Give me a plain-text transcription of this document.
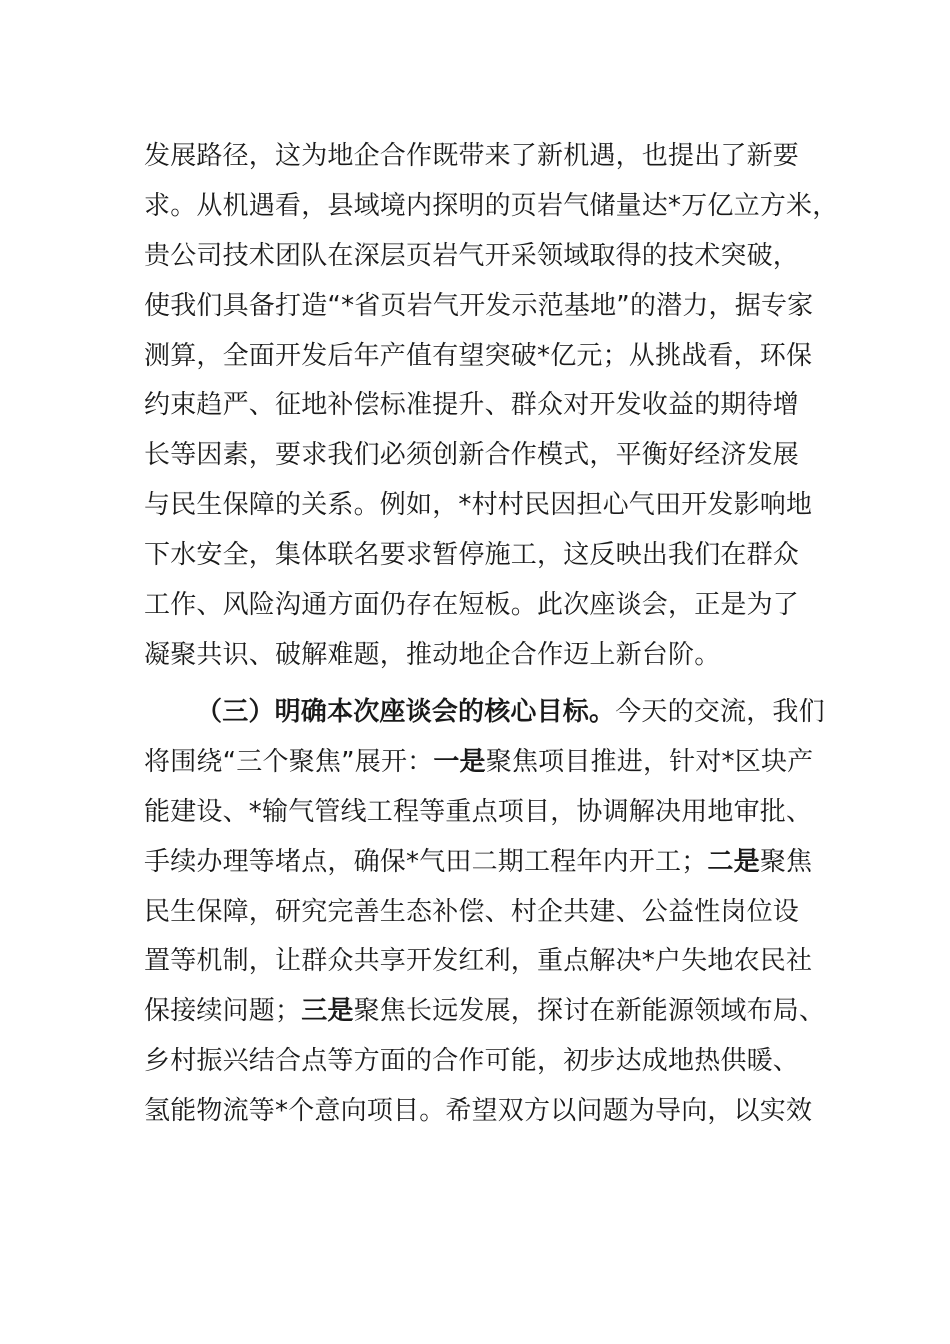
发展路径，这为地企合作既带来了新机遇，也提出了新要
求。从机遇看，县域境内探明的页岩气储量达*万亿立方米，
贵公司技术团队在深层页岩气开采领域取得的技术突破，
使我们具备打造“*省页岩气开发示范基地”的潜力，据专家
测算，全面开发后年产值有望突破*亿元；从挑战看，环保
约束趋严、征地补偿标准提升、群众对开发收益的期待增
长等因素，要求我们必须创新合作模式，平衡好经济发展
与民生保障的关系。例如，*村村民因担心气田开发影响地
下水安全，集体联名要求暂停施工，这反映出我们在群众
工作、风险沟通方面仍存在短板。此次座谈会，正是为了
凝聚共识、破解难题，推动地企合作迈上新台阶。
（三）明确本次座谈会的核心目标。今天的交流，我们
将围绕“三个聚焦”展开：一是聚焦项目推进，针对*区块产
能建设、*输气管线工程等重点项目，协调解决用地审批、
手续办理等堵点，确保*气田二期工程年内开工；二是聚焦
民生保障，研究完善生态补偿、村企共建、公益性岗位设
置等机制，让群众共享开发红利，重点解决*户失地农民社
保接续问题；三是聚焦长远发展，探讨在新能源领域布局、
乡村振兴结合点等方面的合作可能，初步达成地热供暖、
氢能物流等*个意向项目。希望双方以问题为导向，以实效
